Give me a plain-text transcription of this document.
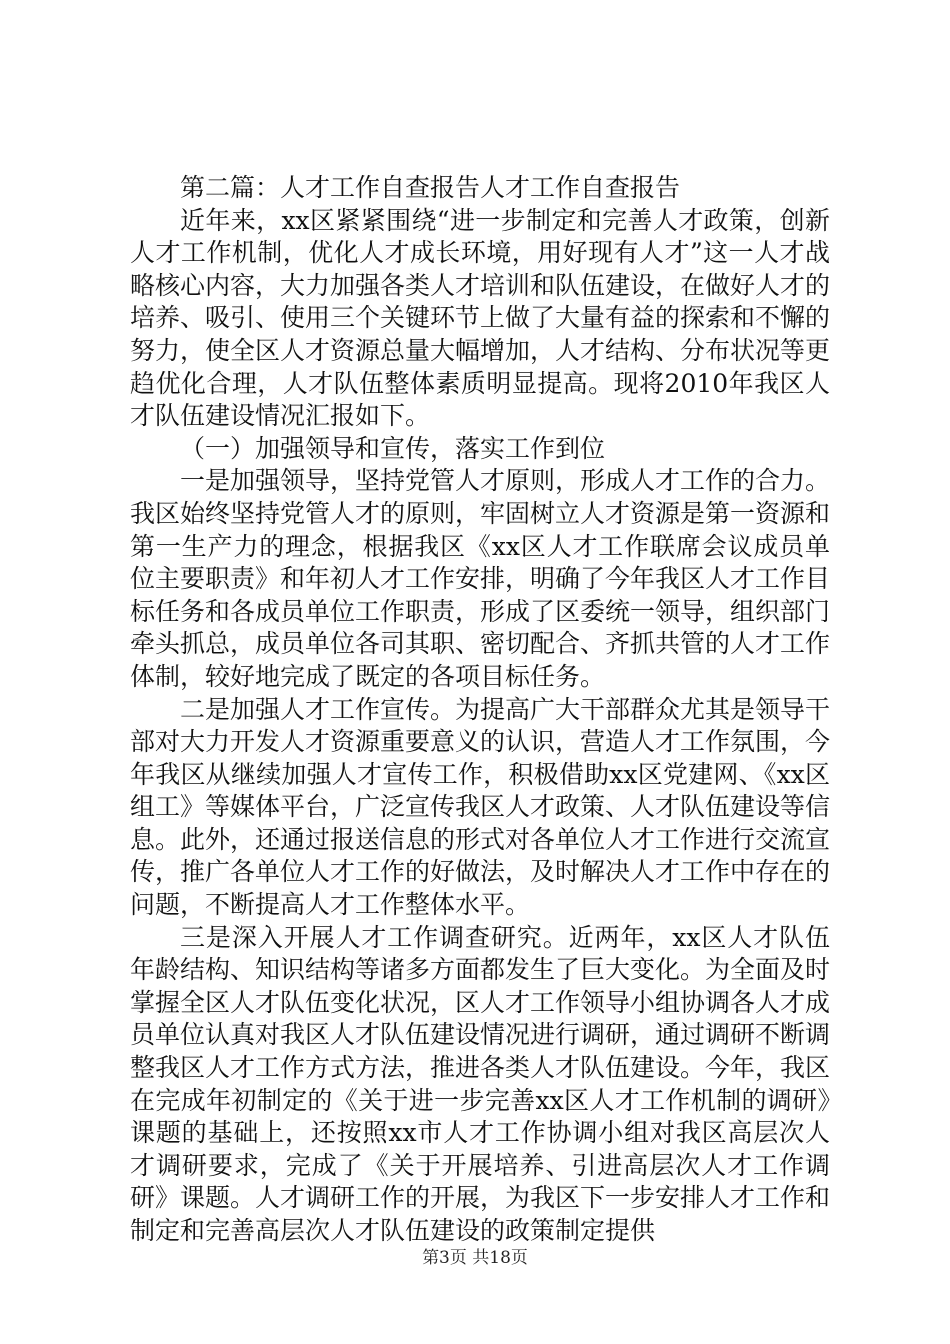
第二篇：人才工作自查报告人才工作自查报告

近年来，xx区紧紧围绕“进一步制定和完善人才政策，创新人才工作机制，优化人才成长环境，用好现有人才”这一人才战略核心内容，大力加强各类人才培训和队伍建设，在做好人才的培养、吸引、使用三个关键环节上做了大量有益的探索和不懈的努力，使全区人才资源总量大幅增加，人才结构、分布状况等更趋优化合理，人才队伍整体素质明显提高。现将2010年我区人才队伍建设情况汇报如下。

（一）加强领导和宣传，落实工作到位

一是加强领导，坚持党管人才原则，形成人才工作的合力。我区始终坚持党管人才的原则，牢固树立人才资源是第一资源和第一生产力的理念，根据我区《xx区人才工作联席会议成员单位主要职责》和年初人才工作安排，明确了今年我区人才工作目标任务和各成员单位工作职责，形成了区委统一领导，组织部门牵头抓总，成员单位各司其职、密切配合、齐抓共管的人才工作体制，较好地完成了既定的各项目标任务。

二是加强人才工作宣传。为提高广大干部群众尤其是领导干部对大力开发人才资源重要意义的认识，营造人才工作氛围，今年我区从继续加强人才宣传工作，积极借助xx区党建网、《xx区组工》等媒体平台，广泛宣传我区人才政策、人才队伍建设等信息。此外，还通过报送信息的形式对各单位人才工作进行交流宣传，推广各单位人才工作的好做法，及时解决人才工作中存在的问题，不断提高人才工作整体水平。

三是深入开展人才工作调查研究。近两年，xx区人才队伍年龄结构、知识结构等诸多方面都发生了巨大变化。为全面及时掌握全区人才队伍变化状况，区人才工作领导小组协调各人才成员单位认真对我区人才队伍建设情况进行调研，通过调研不断调整我区人才工作方式方法，推进各类人才队伍建设。今年，我区在完成年初制定的《关于进一步完善xx区人才工作机制的调研》课题的基础上，还按照xx市人才工作协调小组对我区高层次人才调研要求，完成了《关于开展培养、引进高层次人才工作调研》课题。人才调研工作的开展，为我区下一步安排人才工作和制定和完善高层次人才队伍建设的政策制定提供

第3页 共18页
